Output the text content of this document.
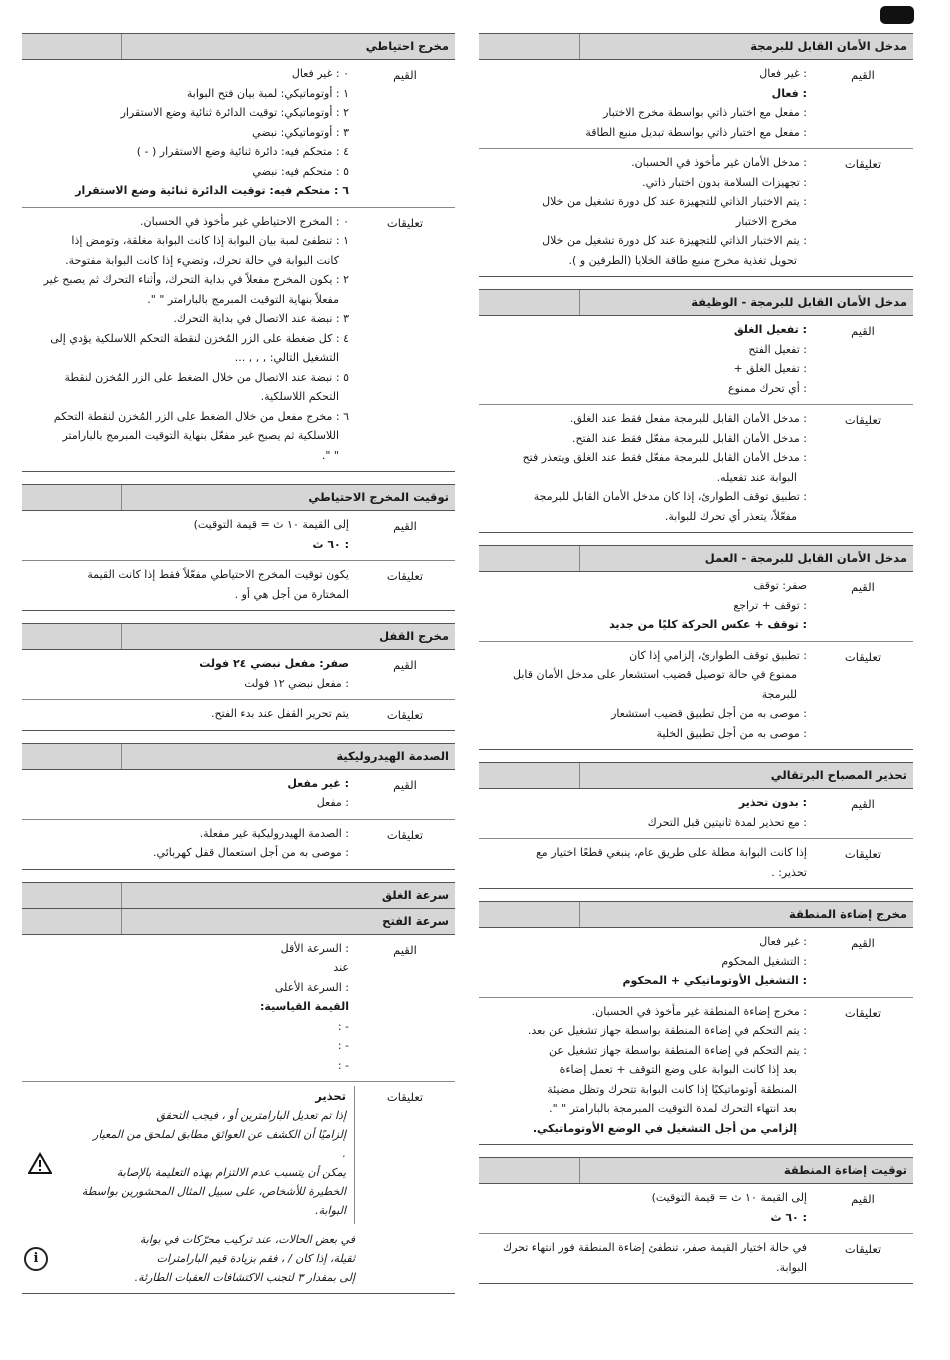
مدخل الأمان القابل للبرمجة
القيم
: غير فعال
: فعال
: مفعل مع اختبار ذاتي بواسطة مخرج الاختبار
: مفعل مع اختبار ذاتي بواسطة تبديل منبع الطاقة
تعليقات
: مدخل الأمان غير مأخوذ في الحسبان.
: تجهيزات السلامة بدون اختبار ذاتي.
: يتم الاختبار الذاتي للتجهيزة عند كل دورة تشغيل من خلال
مخرج الاختبار
: يتم الاختبار الذاتي للتجهيزة عند كل دورة تشغيل من خلال
تحويل تغذية مخرج منبع طاقة الخلايا (الطرفين و ).
مدخل الأمان القابل للبرمجة - الوظيفة
القيم
: تفعيل الغلق
: تفعيل الفتح
: تفعيل الغلق +
: أي تحرك ممنوع
تعليقات
: مدخل الأمان القابل للبرمجة مفعل فقط عند الغلق.
: مدخل الأمان القابل للبرمجة مفعّل فقط عند الفتح.
: مدخل الأمان القابل للبرمجة مفعّل فقط عند الغلق ويتعذر فتح
البوابة عند تفعيله.
: تطبيق توقف الطوارئ، إذا كان مدخل الأمان القابل للبرمجة
مفعّلاً، يتعذر أي تحرك للبوابة.
مدخل الأمان القابل للبرمجة - العمل
القيم
صفر: توقف
: توقف + تراجع
: توقف + عكس الحركة كليًا من جديد
تعليقات
: تطبيق توقف الطوارئ، إلزامي إذا كان
ممنوع في حالة توصيل قضيب استشعار على مدخل الأمان قابل
للبرمجة
: موصى به من أجل تطبيق قضيب استشعار
: موصى به من أجل تطبيق الخلية
تحذير المصباح البرتقالي
القيم
: بدون تحذير
: مع تحذير لمدة ثانيتين قبل التحرك
تعليقات
إذا كانت البوابة مطلة على طريق عام، ينبغي قطعًا اختيار مع
تحذير: .
مخرج إضاءة المنطقة
القيم
: غير فعال
: التشغيل المحكوم
: التشغيل الأوتوماتيكي + المحكوم
تعليقات
: مخرج إضاءة المنطقة غير مأخوذ في الحسبان.
: يتم التحكم في إضاءة المنطقة بواسطة جهاز تشغيل عن بعد.
: يتم التحكم في إضاءة المنطقة بواسطة جهاز تشغيل عن
بعد إذا كانت البوابة على وضع التوقف + تعمل إضاءة
المنطقة أوتوماتيكيًا إذا كانت البوابة تتحرك وتظل مضيئة
بعد انتهاء التحرك لمدة التوقيت المبرمجة بالبارامتر " ".
إلزامي من أجل التشغيل في الوضع الأوتوماتيكي.
توقيت إضاءة المنطقة
القيم
إلى القيمة ١٠ ث = قيمة التوقيت)
: ٦٠ ث
تعليقات
في حالة اختيار القيمة صفر، تنطفئ إضاءة المنطقة فور انتهاء تحرك
البوابة.
مخرج احتياطي
القيم
٠ : غير فعال
١ : أوتوماتيكي: لمبة بيان فتح البوابة
٢ : أوتوماتيكي: توقيت الدائرة ثنائية وضع الاستقرار
٣ : أوتوماتيكي: نبضي
٤ : متحكم فيه: دائرة ثنائية وضع الاستقرار ( - )
٥ : متحكم فيه: نبضي
٦ : متحكم فيه: توقيت الدائرة ثنائية وضع الاستقرار
تعليقات
٠ : المخرج الاحتياطي غير مأخوذ في الحسبان.
١ : تنطفئ لمبة بيان البوابة إذا كانت البوابة مغلقة، وتومض إذا
كانت البوابة في حالة تحرك، وتضيء إذا كانت البوابة مفتوحة.
٢ : يكون المخرج مفعلاً في بداية التحرك، وأثناء التحرك ثم يصبح غير
مفعلاً بنهاية التوقيت المبرمج بالبارامتر " ".
٣ : نبضة عند الاتصال في بداية التحرك.
٤ : كل ضغطة على الزر المُخزن لنقطة التحكم اللاسلكية يؤدي إلى
التشغيل التالي: , , , ...
٥ : نبضة عند الاتصال من خلال الضغط على الزر المُخزن لنقطة
التحكم اللاسلكية.
٦ : مخرج مفعل من خلال الضغط على الزر المُخزن لنقطة التحكم
اللاسلكية ثم يصبح غير مفعّل بنهاية التوقيت المبرمج بالبارامتر
" ".
توقيت المخرج الاحتياطي
القيم
إلى القيمة ١٠ ث = قيمة التوقيت)
: ٦٠ ث
تعليقات
يكون توقيت المخرج الاحتياطي مفعّلاً فقط إذا كانت القيمة
المختارة من أجل هي أو .
مخرج القفل
القيم
صفر: مفعل نبضي ٢٤ فولت
: مفعل نبضي ١٢ فولت
تعليقات
يتم تحرير القفل عند بدء الفتح.
الصدمة الهيدروليكية
القيم
: غير مفعل
: مفعل
تعليقات
: الصدمة الهيدروليكية غير مفعلة.
: موصى به من أجل استعمال قفل كهربائي.
سرعة الغلق
سرعة الفتح
القيم
: السرعة الأقل
عند
: السرعة الأعلى
القيمة القياسية:
- :
- :
- :
تعليقات
تحذير
إذا تم تعديل البارامترين أو ، فيجب التحقق
إلزاميًا أن الكشف عن العوائق مطابق لملحق من المعيار
.
يمكن أن يتسبب عدم الالتزام بهذه التعليمة بالإصابة
الخطيرة للأشخاص، على سبيل المثال المحشورين بواسطة
البوابة.
في بعض الحالات، عند تركيب محرّكات في بوابة
ثقيلة، إذا كان / ، فقم بزيادة قيم البارامترات
إلى بمقدار ٣ لتجنب الاكتشافات العقبات الطارئة.
i
